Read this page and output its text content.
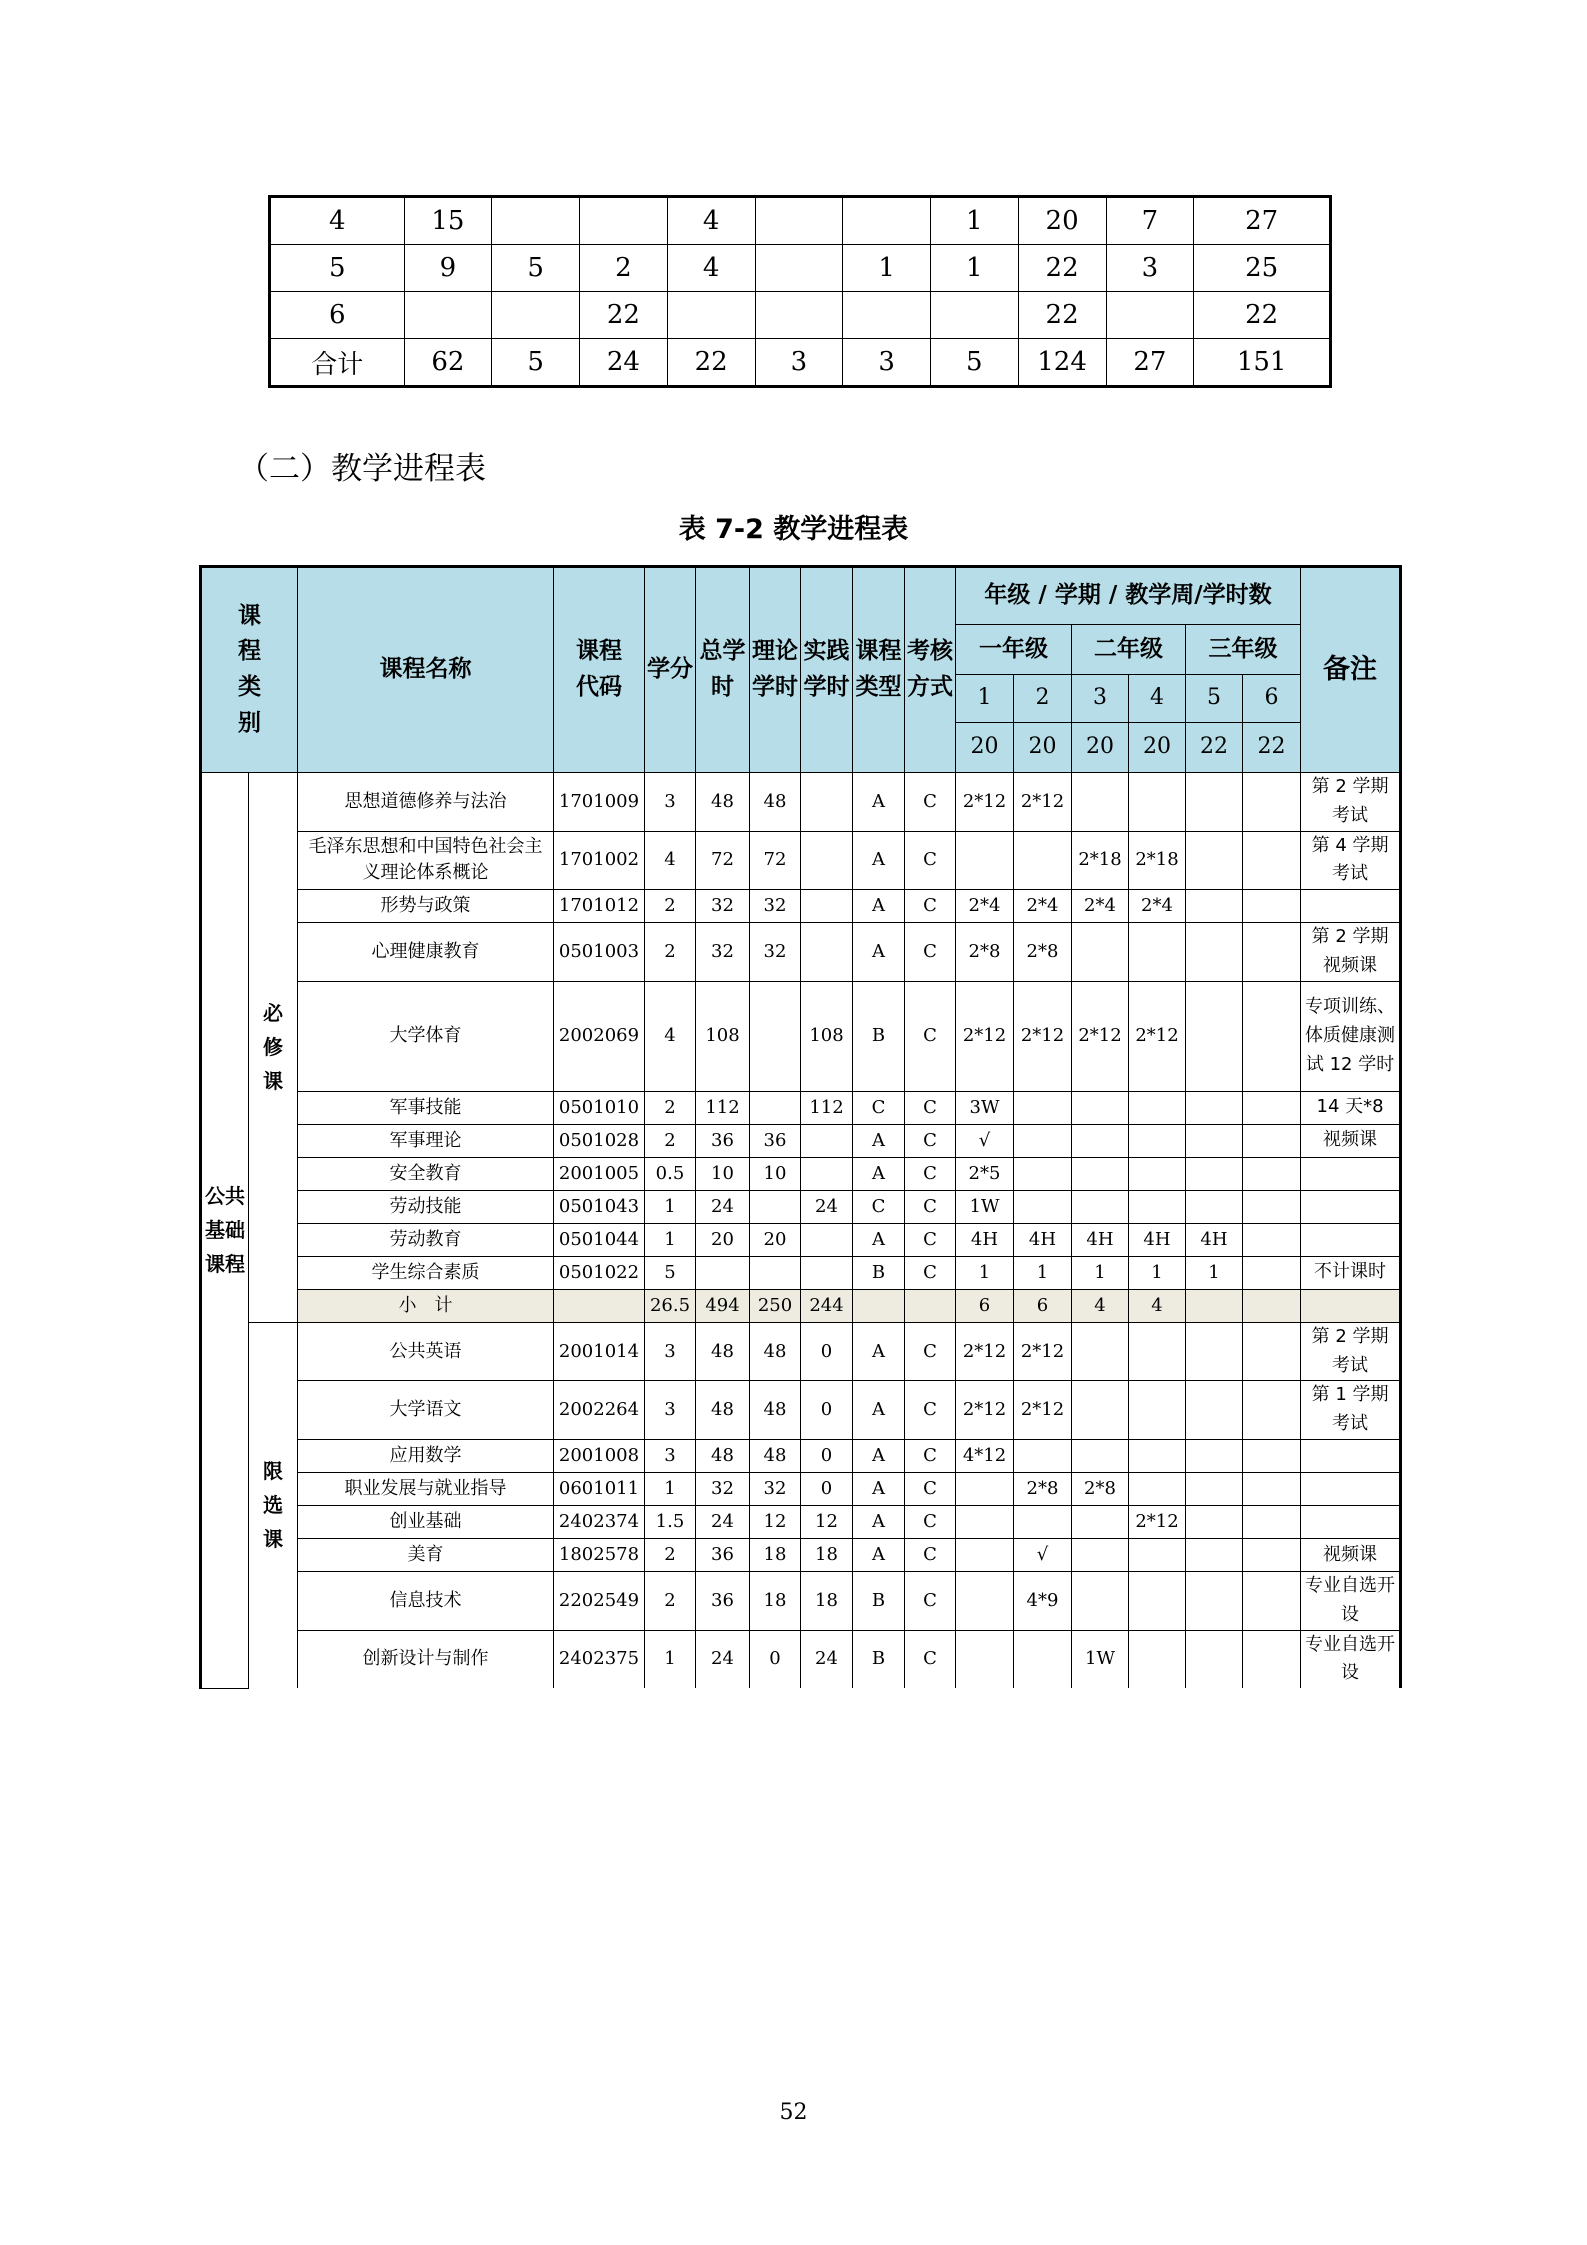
4	15			4			1	20	7	27
5	9	5	2	4		1	1	22	3	25
6			22					22		22
合计	62	5	24	22	3	3	5	124	27	151
（二）教学进程表
表 7-2 教学进程表
课程类别		课程名称	课程代码	学分	总学时	理论学时	实践学时	课程类型	考核方式	年级 / 学期 / 教学周/学时数						备注
										一年级		二年级		三年级		
										1	2	3	4	5	6	
										20	20	20	20	22	22	

公共基础课程	必修课	思想道德修养与法治	1701009	3	48	48		A	C	2*12	2*12					第 2 学期考试
		毛泽东思想和中国特色社会主义理论体系概论	1701002	4	72	72		A	C			2*18	2*18			第 4 学期考试
		形势与政策	1701012	2	32	32		A	C	2*4	2*4	2*4	2*4			
		心理健康教育	0501003	2	32	32		A	C	2*8	2*8					第 2 学期视频课
		大学体育	2002069	4	108		108	B	C	2*12	2*12	2*12	2*12			专项训练、体质健康测试 12 学时
		军事技能	0501010	2	112		112	C	C	3W						14 天*8
		军事理论	0501028	2	36	36		A	C	√						视频课
		安全教育	2001005	0.5	10	10		A	C	2*5						
		劳动技能	0501043	1	24		24	C	C	1W						
		劳动教育	0501044	1	20	20		A	C	4H	4H	4H	4H	4H		
		学生综合素质	0501022	5				B	C	1	1	1	1	1		不计课时
		小　计		26.5	494	250	244			6	6	4	4			

	限选课	公共英语	2001014	3	48	48	0	A	C	2*12	2*12					第 2 学期考试
		大学语文	2002264	3	48	48	0	A	C	2*12	2*12					第 1 学期考试
		应用数学	2001008	3	48	48	0	A	C	4*12						
		职业发展与就业指导	0601011	1	32	32	0	A	C		2*8	2*8				
		创业基础	2402374	1.5	24	12	12	A	C				2*12			
		美育	1802578	2	36	18	18	A	C		√					视频课
		信息技术	2202549	2	36	18	18	B	C		4*9					专业自选开设
		创新设计与制作	2402375	1	24	0	24	B	C			1W				专业自选开设
52
